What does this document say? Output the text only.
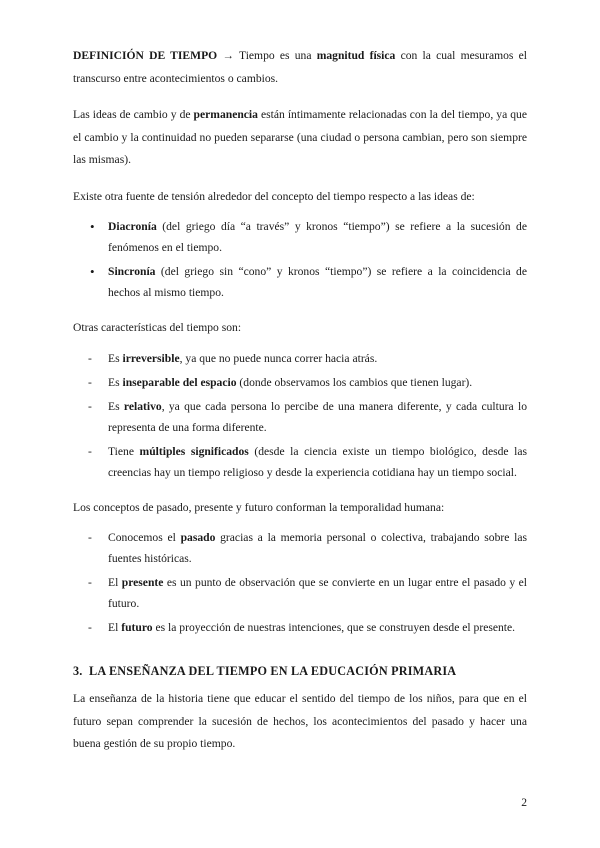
DEFINICIÓN DE TIEMPO → Tiempo es una magnitud física con la cual mesuramos el transcurso entre acontecimientos o cambios.

Las ideas de cambio y de permanencia están íntimamente relacionadas con la del tiempo, ya que el cambio y la continuidad no pueden separarse (una ciudad o persona cambian, pero son siempre las mismas).

Existe otra fuente de tensión alrededor del concepto del tiempo respecto a las ideas de:

• Diacronía (del griego día “a través” y kronos “tiempo”) se refiere a la sucesión de fenómenos en el tiempo.
• Sincronía (del griego sin “cono” y kronos “tiempo”) se refiere a la coincidencia de hechos al mismo tiempo.

Otras características del tiempo son:

- Es irreversible, ya que no puede nunca correr hacia atrás.
- Es inseparable del espacio (donde observamos los cambios que tienen lugar).
- Es relativo, ya que cada persona lo percibe de una manera diferente, y cada cultura lo representa de una forma diferente.
- Tiene múltiples significados (desde la ciencia existe un tiempo biológico, desde las creencias hay un tiempo religioso y desde la experiencia cotidiana hay un tiempo social.

Los conceptos de pasado, presente y futuro conforman la temporalidad humana:

- Conocemos el pasado gracias a la memoria personal o colectiva, trabajando sobre las fuentes históricas.
- El presente es un punto de observación que se convierte en un lugar entre el pasado y el futuro.
- El futuro es la proyección de nuestras intenciones, que se construyen desde el presente.
3. LA ENSEÑANZA DEL TIEMPO EN LA EDUCACIÓN PRIMARIA

La enseñanza de la historia tiene que educar el sentido del tiempo de los niños, para que en el futuro sepan comprender la sucesión de hechos, los acontecimientos del pasado y hacer una buena gestión de su propio tiempo.

2
